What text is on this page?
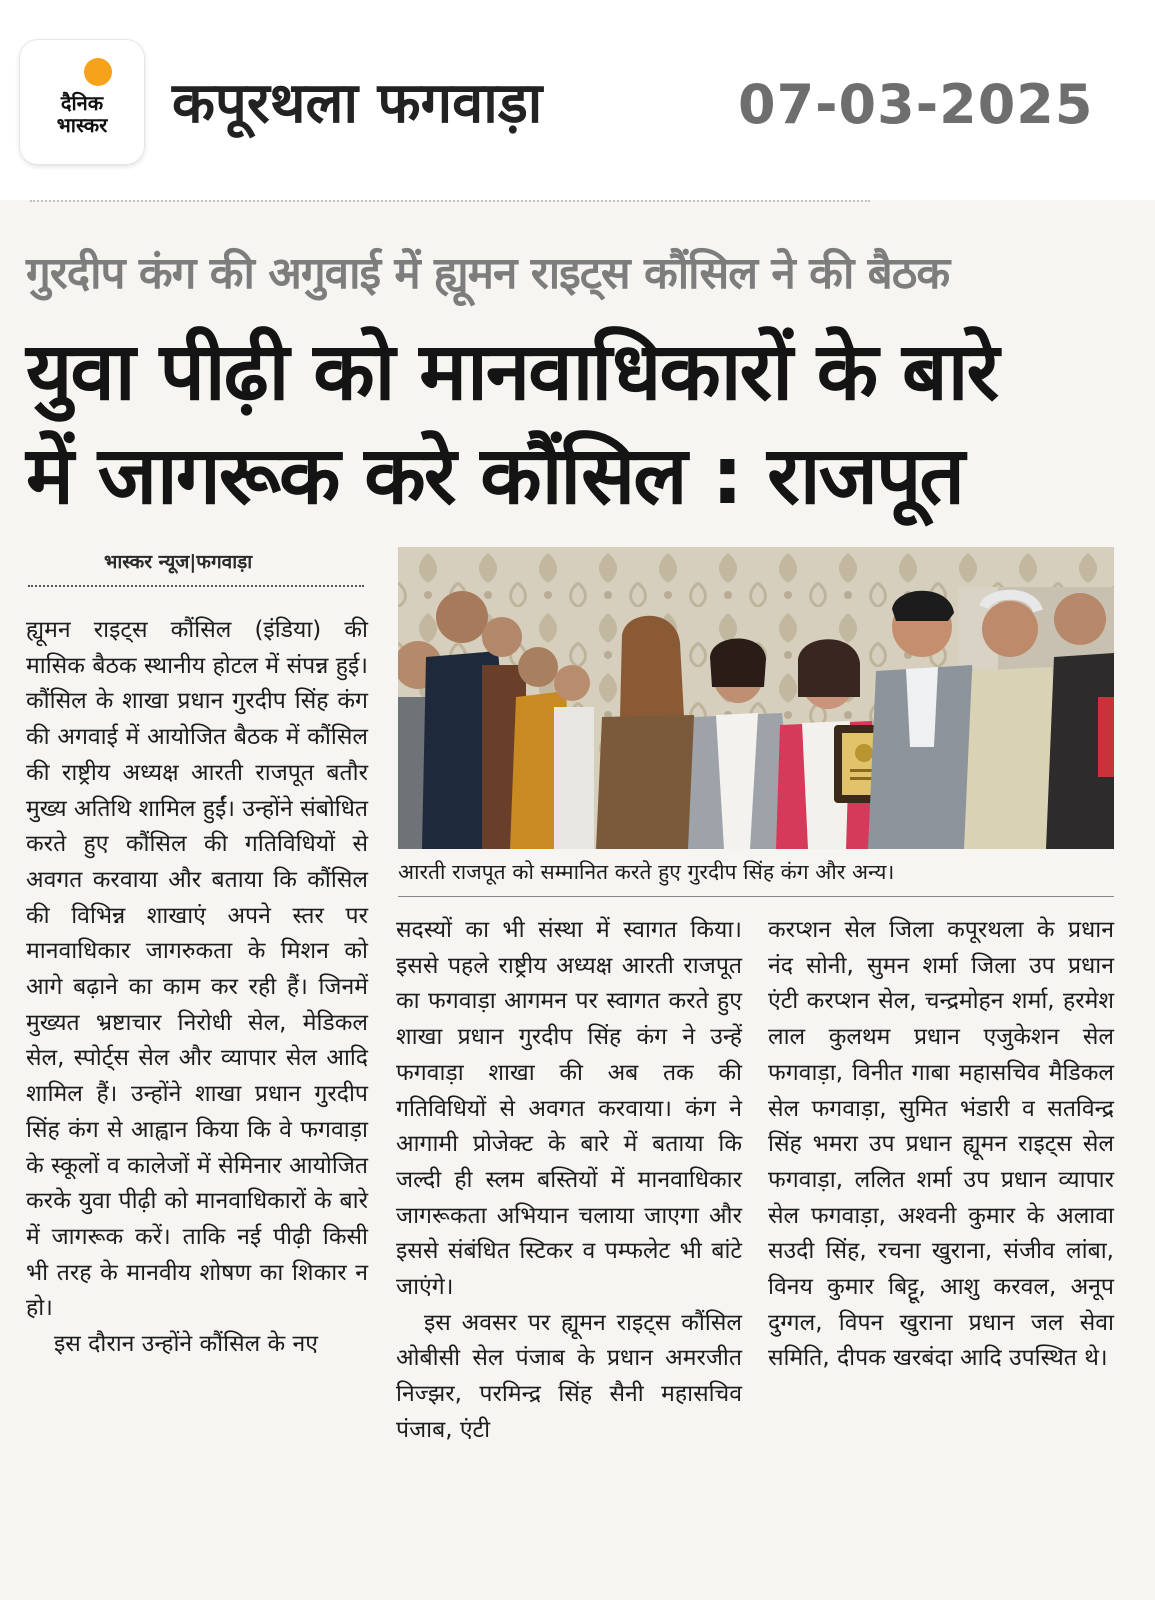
दैनिक
भास्कर	कपूरथला फगवाड़ा	07-03-2025
गुरदीप कंग की अगुवाई में ह्यूमन राइट्स कौंसिल ने की बैठक
युवा पीढ़ी को मानवाधिकारों के बारे
में जागरूक करे कौंसिल : राजपूत
भास्कर न्यूज|फगवाड़ा
आरती राजपूत को सम्मानित करते हुए गुरदीप सिंह कंग और अन्य।

ह्यूमन राइट्स कौंसिल (इंडिया) की मासिक बैठक स्थानीय होटल में संपन्न हुई। कौंसिल के शाखा प्रधान गुरदीप सिंह कंग की अगवाई में आयोजित बैठक में कौंसिल की राष्ट्रीय अध्यक्ष आरती राजपूत बतौर मुख्य अतिथि शामिल हुईं। उन्होंने संबोधित करते हुए कौंसिल की गतिविधियों से अवगत करवाया और बताया कि कौंसिल की विभिन्न शाखाएं अपने स्तर पर मानवाधिकार जागरुकता के मिशन को आगे बढ़ाने का काम कर रही हैं। जिनमें मुख्यत भ्रष्टाचार निरोधी सेल, मेडिकल सेल, स्पोर्ट्स सेल और व्यापार सेल आदि शामिल हैं। उन्होंने शाखा प्रधान गुरदीप सिंह कंग से आह्वान किया कि वे फगवाड़ा के स्कूलों व कालेजों में सेमिनार आयोजित करके युवा पीढ़ी को मानवाधिकारों के बारे में जागरूक करें। ताकि नई पीढ़ी किसी भी तरह के मानवीय शोषण का शिकार न हो।

इस दौरान उन्होंने कौंसिल के नए

सदस्यों का भी संस्था में स्वागत किया। इससे पहले राष्ट्रीय अध्यक्ष आरती राजपूत का फगवाड़ा आगमन पर स्वागत करते हुए शाखा प्रधान गुरदीप सिंह कंग ने उन्हें फगवाड़ा शाखा की अब तक की गतिविधियों से अवगत करवाया। कंग ने आगामी प्रोजेक्ट के बारे में बताया कि जल्दी ही स्लम बस्तियों में मानवाधिकार जागरूकता अभियान चलाया जाएगा और इससे संबंधित स्टिकर व पम्फलेट भी बांटे जाएंगे।

इस अवसर पर ह्यूमन राइट्स कौंसिल ओबीसी सेल पंजाब के प्रधान अमरजीत निज्झर, परमिन्द्र सिंह सैनी महासचिव पंजाब, एंटी

करप्शन सेल जिला कपूरथला के प्रधान नंद सोनी, सुमन शर्मा जिला उप प्रधान एंटी करप्शन सेल, चन्द्रमोहन शर्मा, हरमेश लाल कुलथम प्रधान एजुकेशन सेल फगवाड़ा, विनीत गाबा महासचिव मैडिकल सेल फगवाड़ा, सुमित भंडारी व सतविन्द्र सिंह भमरा उप प्रधान ह्यूमन राइट्स सेल फगवाड़ा, ललित शर्मा उप प्रधान व्यापार सेल फगवाड़ा, अश्वनी कुमार के अलावा सउदी सिंह, रचना खुराना, संजीव लांबा, विनय कुमार बिट्टू, आशु करवल, अनूप दुग्गल, विपन खुराना प्रधान जल सेवा समिति, दीपक खरबंदा आदि उपस्थित थे।
